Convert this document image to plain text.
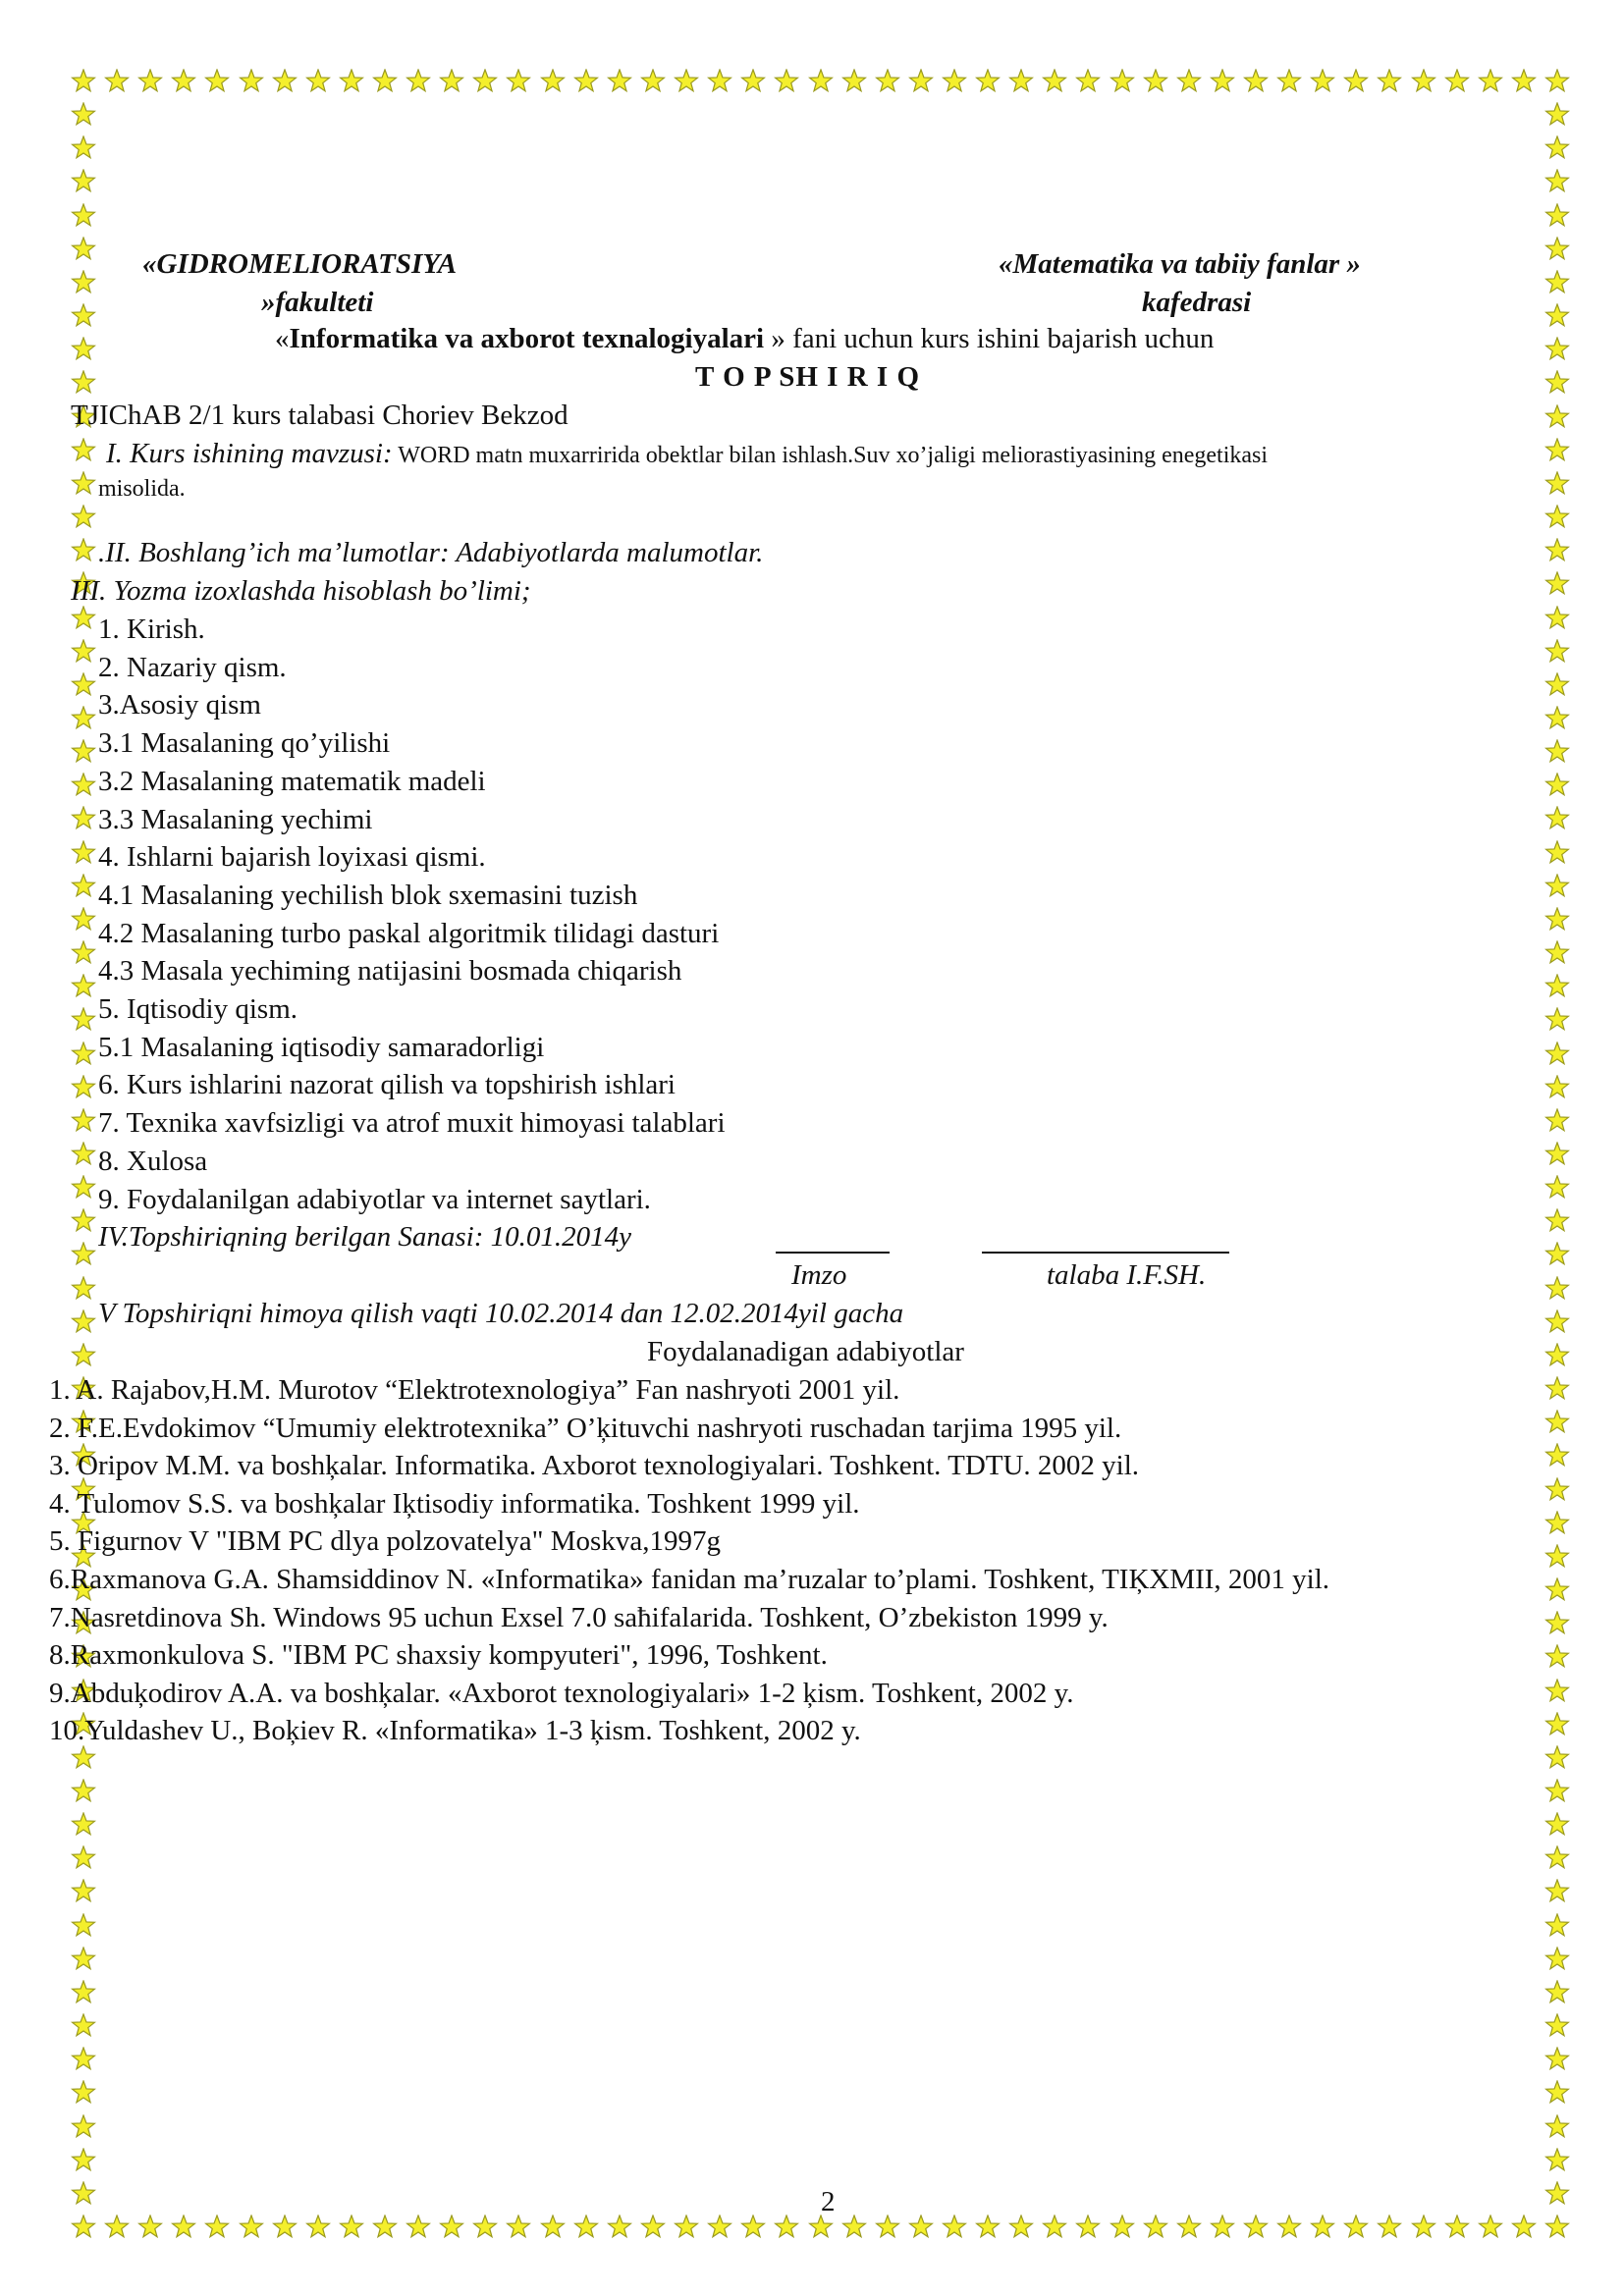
«GIDROMELIORATSIYA
»fakulteti
«Matematika va tabiiy fanlar »
kafedrasi
«Informatika va axborot texnalogiyalari » fani uchun kurs ishini bajarish uchun
T O P SH I R I Q
TJIChAB 2/1 kurs talabasi Choriev Bekzod
I. Kurs ishining mavzusi: WORD matn muxarririda obektlar bilan ishlash.Suv xo’jaligi meliorastiyasining enegetikasi
misolida.
.II. Boshlang’ich ma’lumotlar: Adabiyotlarda malumotlar.
III. Yozma izoxlashda hisoblash bo’limi;
1. Kirish.
2. Nazariy qism.
3.Asosiy qism
3.1 Masalaning qo’yilishi
3.2 Masalaning matematik madeli
3.3 Masalaning yechimi
4. Ishlarni bajarish loyixasi qismi.
4.1 Masalaning yechilish blok sxemasini tuzish
4.2 Masalaning turbo paskal algoritmik tilidagi dasturi
4.3 Masala yechiming natijasini bosmada chiqarish
5. Iqtisodiy qism.
5.1 Masalaning iqtisodiy samaradorligi
6. Kurs ishlarini nazorat qilish va topshirish ishlari
7. Texnika xavfsizligi va atrof muxit himoyasi talablari
8. Xulosa
9. Foydalanilgan adabiyotlar va internet saytlari.
IV.Topshiriqning berilgan Sanasi: 10.01.2014y
Imzo	talaba I.F.SH.
V Topshiriqni himoya qilish vaqti 10.02.2014 dan 12.02.2014yil gacha
Foydalanadigan adabiyotlar
1. A. Rajabov,H.M. Murotov “Elektrotexnologiya” Fan nashryoti 2001 yil.
2. F.E.Evdokimov “Umumiy elektrotexnika” O’ķituvchi nashryoti ruschadan tarjima 1995 yil.
3. Oripov M.M. va boshķalar. Informatika. Axborot texnologiyalari. Toshkent. TDTU. 2002 yil.
4. Tulomov S.S. va boshķalar Iķtisodiy informatika. Toshkent 1999 yil.
5. Figurnov V "IBM PC dlya polzovatelya" Moskva,1997g
6.Raxmanova G.A. Shamsiddinov N. «Informatika» fanidan ma’ruzalar to’plami. Toshkent, TIĶXMII, 2001 yil.
7.Nasretdinova Sh. Windows 95 uchun Exsel 7.0 saħifalarida. Toshkent, O’zbekiston 1999 y.
8.Raxmonkulova S. "IBM PC shaxsiy kompyuteri", 1996, Toshkent.
9.Abduķodirov A.A. va boshķalar. «Axborot texnologiyalari» 1-2 ķism. Toshkent, 2002 y.
10.Yuldashev U., Boķiev R. «Informatika» 1-3 ķism. Toshkent, 2002 y.
2
